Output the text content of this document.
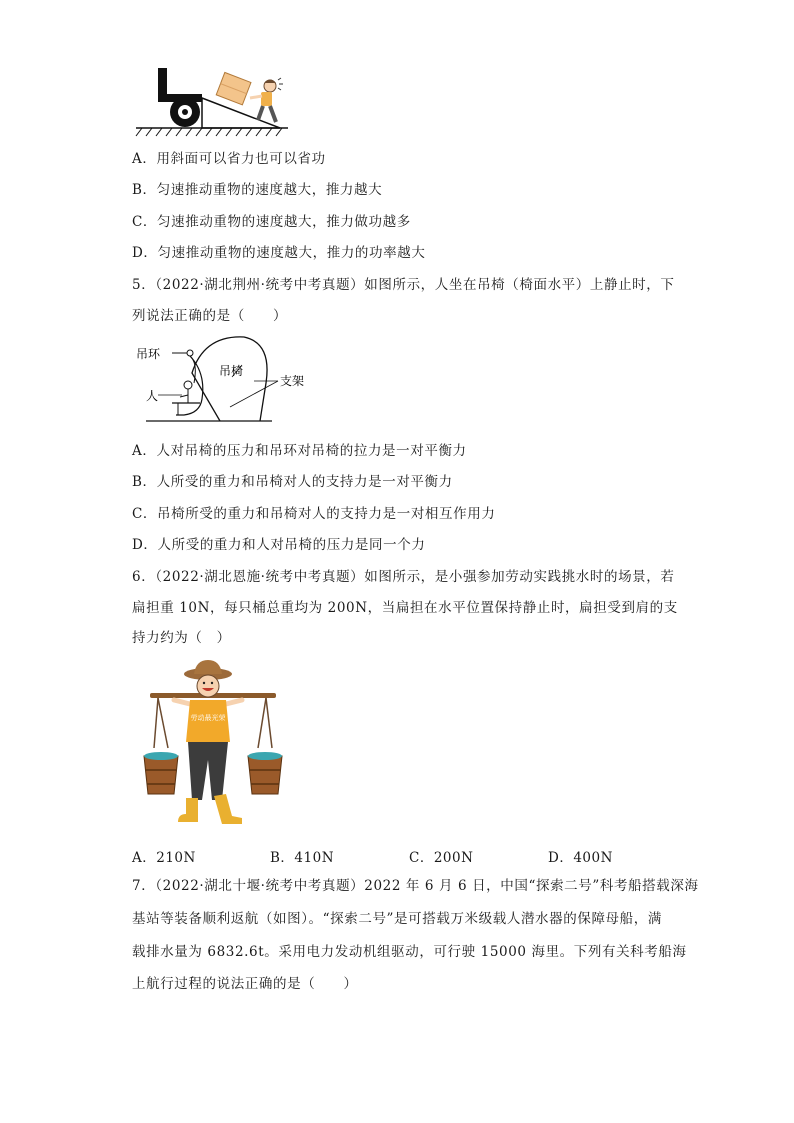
A．用斜面可以省力也可以省功
B．匀速推动重物的速度越大，推力越大
C．匀速推动重物的速度越大，推力做功越多
D．匀速推动重物的速度越大，推力的功率越大
5．（2022·湖北荆州·统考中考真题）如图所示，人坐在吊椅（椅面水平）上静止时，下
列说法正确的是（　　）
吊环
吊椅
人
支架
A．人对吊椅的压力和吊环对吊椅的拉力是一对平衡力
B．人所受的重力和吊椅对人的支持力是一对平衡力
C．吊椅所受的重力和吊椅对人的支持力是一对相互作用力
D．人所受的重力和人对吊椅的压力是同一个力
6．（2022·湖北恩施·统考中考真题）如图所示，是小强参加劳动实践挑水时的场景，若
扁担重 10N，每只桶总重均为 200N，当扁担在水平位置保持静止时，扁担受到肩的支
持力约为（　）
劳动最光荣
A．210N	B．410N	C．200N	D．400N
7．（2022·湖北十堰·统考中考真题）2022 年 6 月 6 日，中国“探索二号”科考船搭载深海
基站等装备顺利返航（如图）。“探索二号”是可搭载万米级载人潜水器的保障母船，满
载排水量为 6832.6t。采用电力发动机组驱动，可行驶 15000 海里。下列有关科考船海
上航行过程的说法正确的是（　　）
